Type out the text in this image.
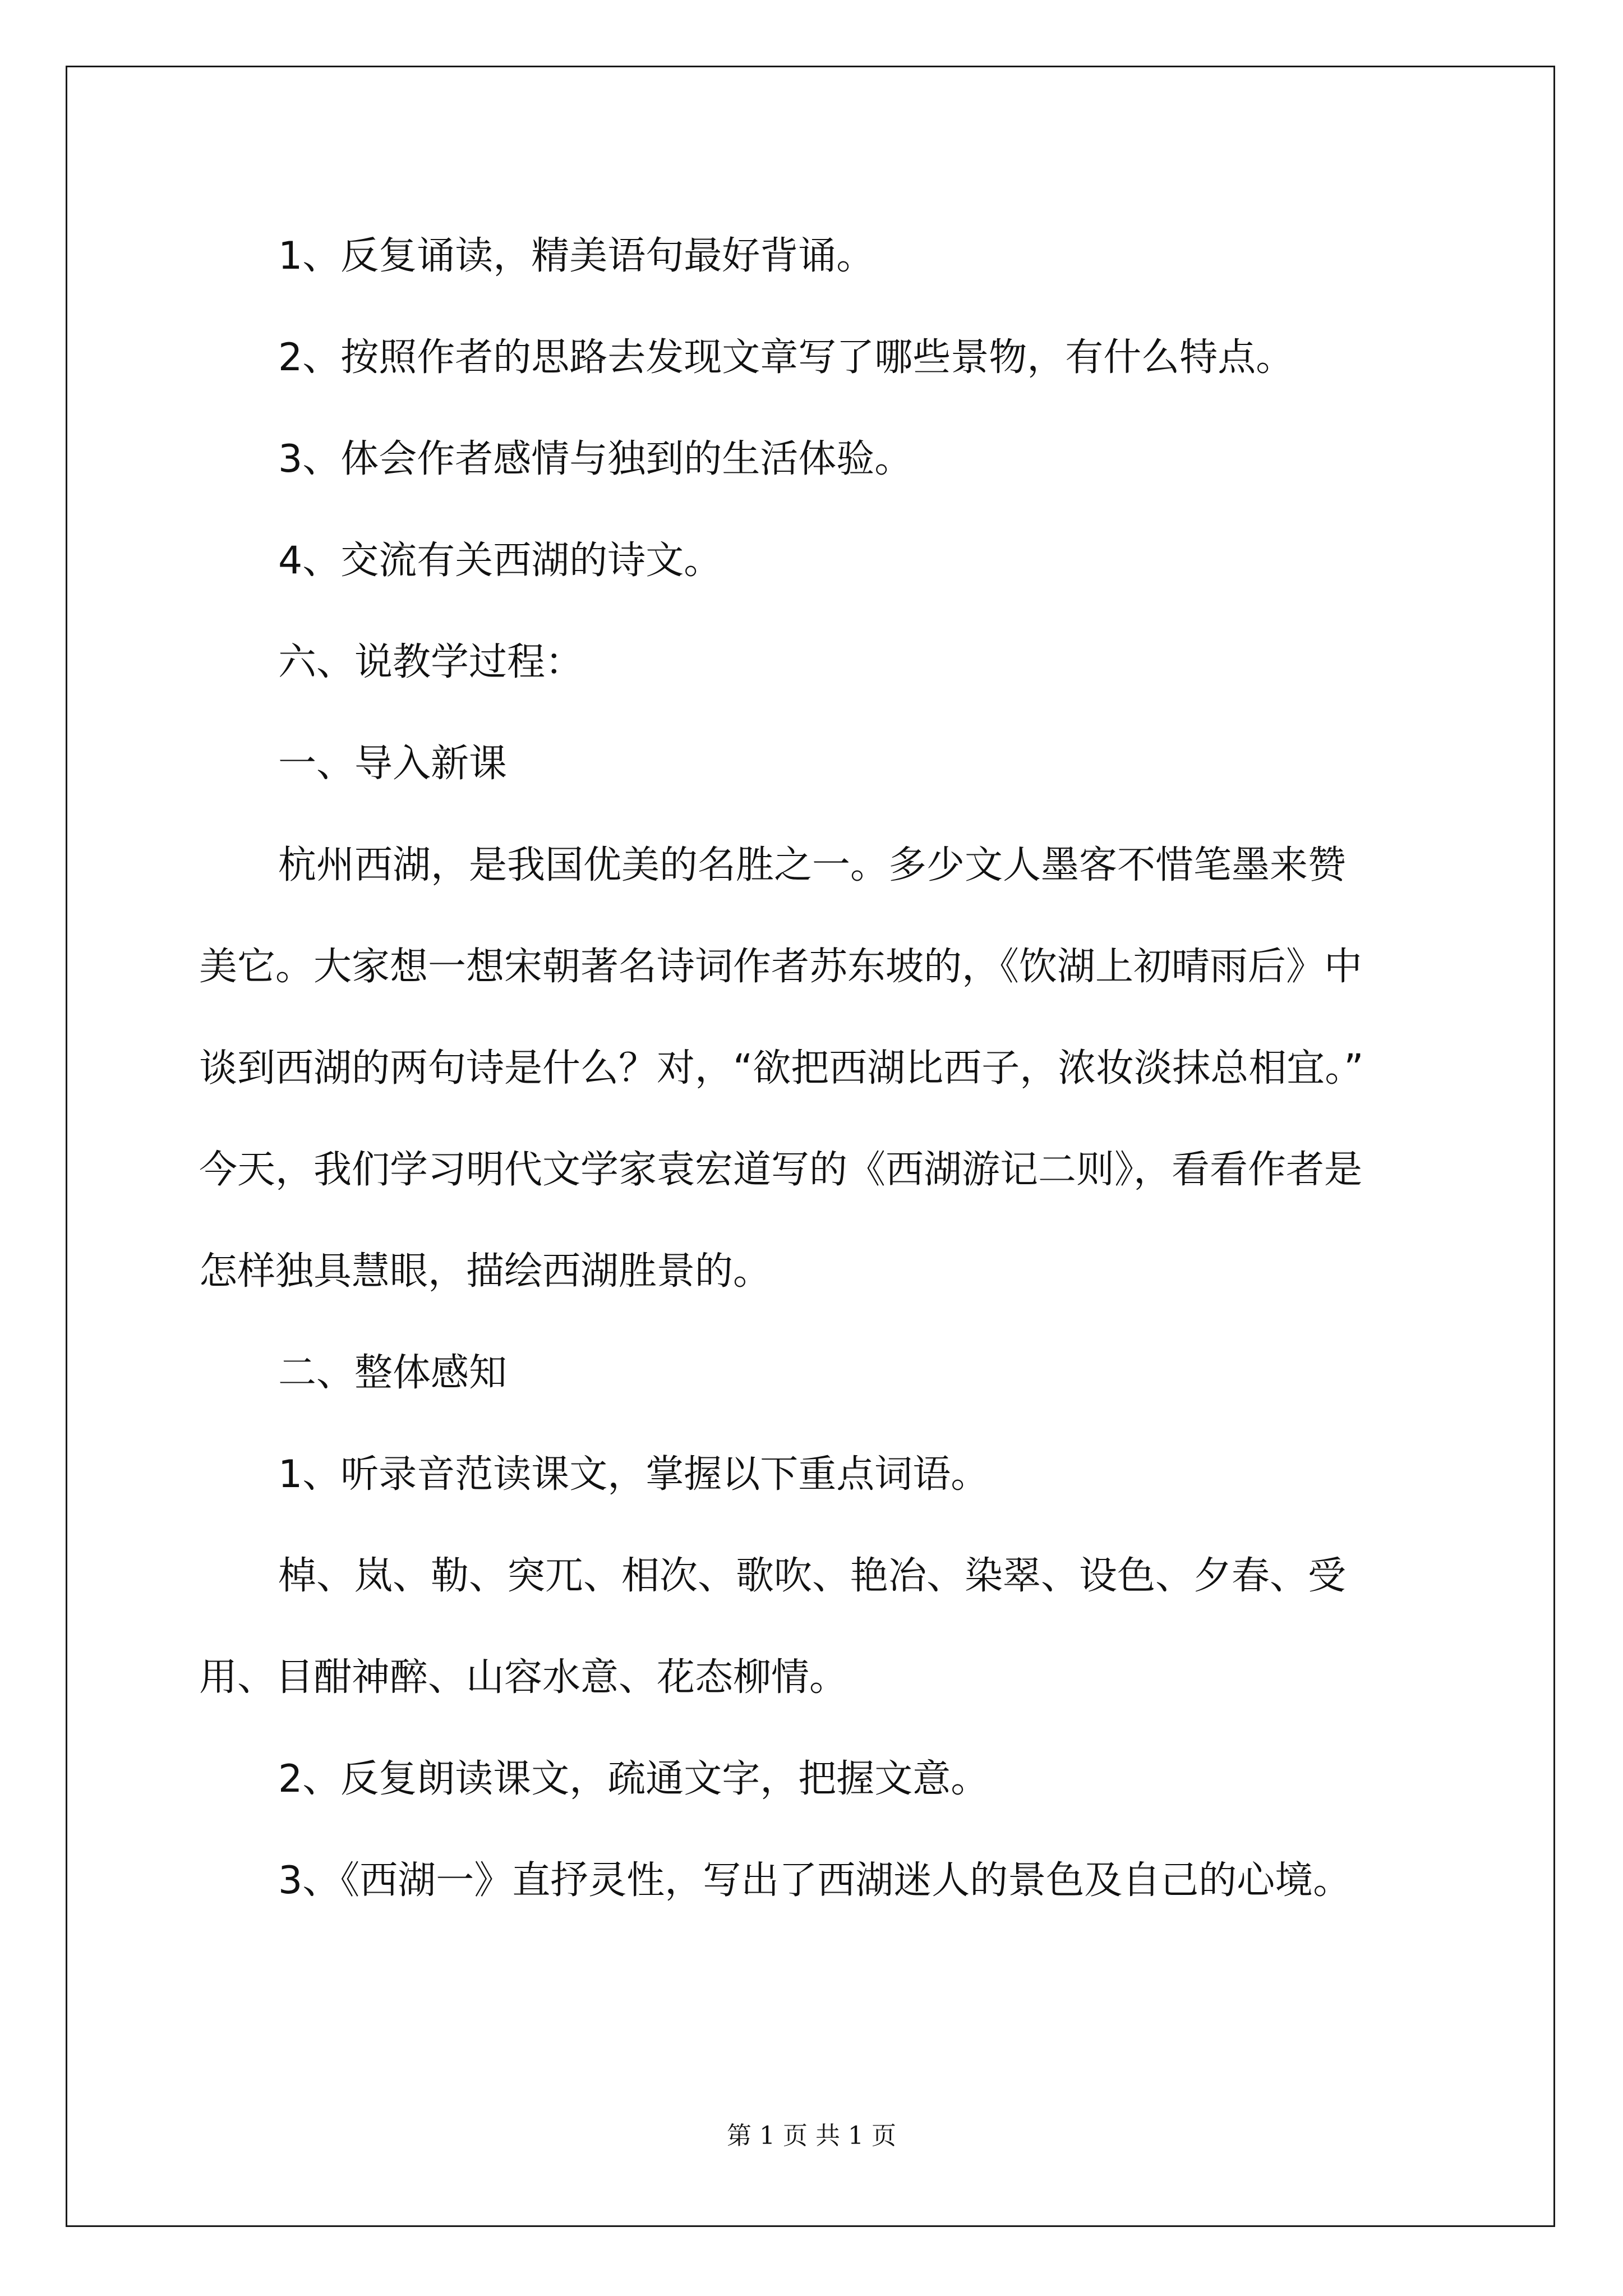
1、反复诵读，精美语句最好背诵。

2、按照作者的思路去发现文章写了哪些景物，有什么特点。

3、体会作者感情与独到的生活体验。

4、交流有关西湖的诗文。

六、说教学过程：

一、导入新课

杭州西湖，是我国优美的名胜之一。多少文人墨客不惜笔墨来赞

美它。大家想一想宋朝著名诗词作者苏东坡的，《饮湖上初晴雨后》中

谈到西湖的两句诗是什么？对，“欲把西湖比西子，浓妆淡抹总相宜。”

今天，我们学习明代文学家袁宏道写的《西湖游记二则》，看看作者是

怎样独具慧眼，描绘西湖胜景的。

二、整体感知

1、听录音范读课文，掌握以下重点词语。

棹、岚、勒、突兀、相次、歌吹、艳冶、染翠、设色、夕春、受

用、目酣神醉、山容水意、花态柳情。

2、反复朗读课文，疏通文字，把握文意。

3、《西湖一》直抒灵性，写出了西湖迷人的景色及自己的心境。

第 1 页 共 1 页
